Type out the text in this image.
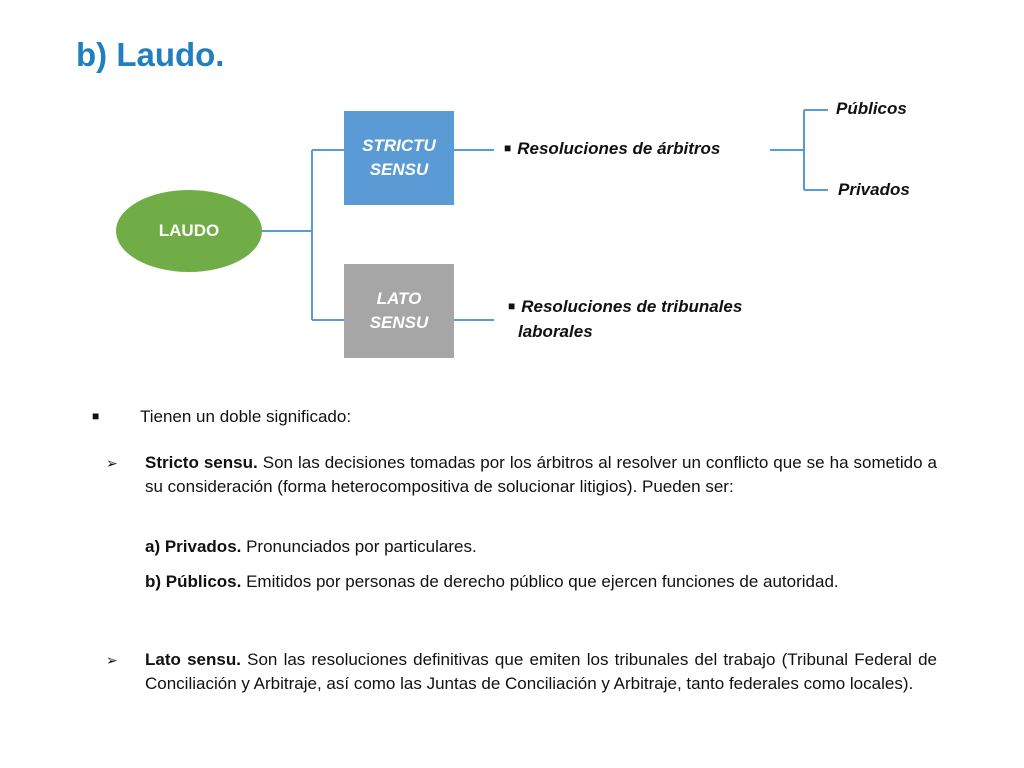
b) Laudo.
LAUDO
STRICTU
SENSU
LATO
SENSU
■ Resoluciones de árbitros
■ Resoluciones de tribunales
laborales
Públicos
Privados
■ Tienen un doble significado:
➢ Stricto sensu. Son las decisiones tomadas por los árbitros al resolver un conflicto que se ha sometido a su consideración (forma heterocompositiva de solucionar litigios). Pueden ser:

a) Privados. Pronunciados por particulares.

b) Públicos. Emitidos por personas de derecho público que ejercen funciones de autoridad.

➢ Lato sensu. Son las resoluciones definitivas que emiten los tribunales del trabajo (Tribunal Federal de Conciliación y Arbitraje, así como las Juntas de Conciliación y Arbitraje, tanto federales como locales).
